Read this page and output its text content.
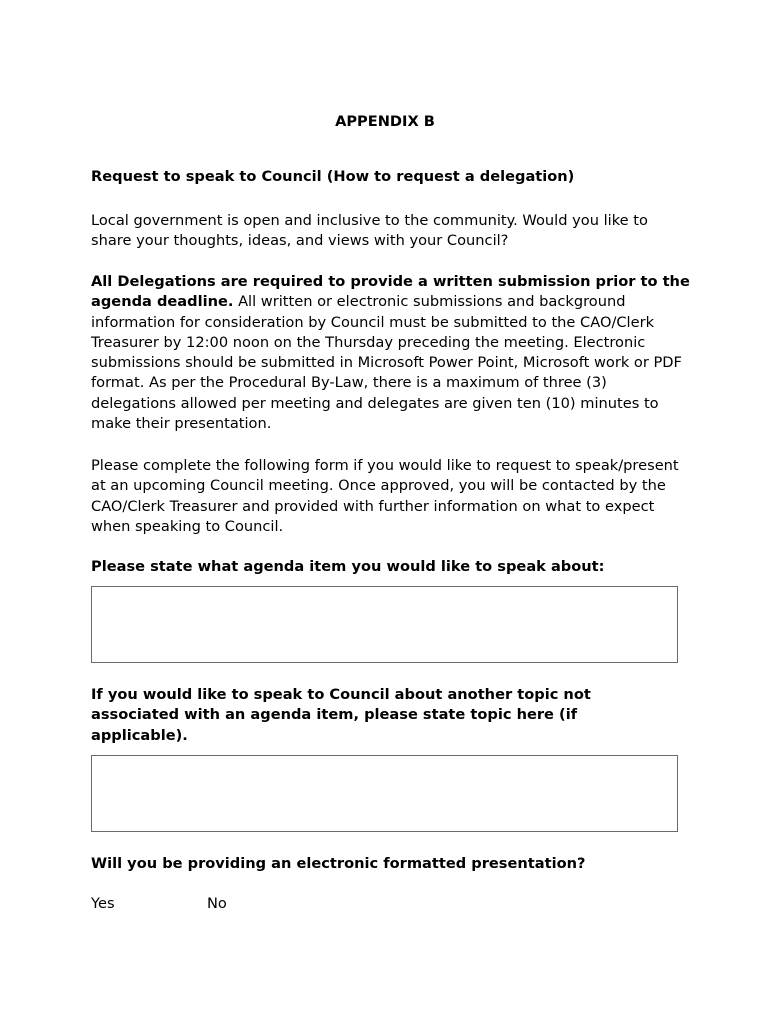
APPENDIX B
Request to speak to Council (How to request a delegation)
Local government is open and inclusive to the community. Would you like to share your thoughts, ideas, and views with your Council?
All Delegations are required to provide a written submission prior to the agenda deadline. All written or electronic submissions and background information for consideration by Council must be submitted to the CAO/Clerk Treasurer by 12:00 noon on the Thursday preceding the meeting. Electronic submissions should be submitted in Microsoft Power Point, Microsoft work or PDF format. As per the Procedural By-Law, there is a maximum of three (3) delegations allowed per meeting and delegates are given ten (10) minutes to make their presentation.
Please complete the following form if you would like to request to speak/present at an upcoming Council meeting. Once approved, you will be contacted by the CAO/Clerk Treasurer and provided with further information on what to expect when speaking to Council.
Please state what agenda item you would like to speak about:
If you would like to speak to Council about another topic not associated with an agenda item, please state topic here (if applicable).
Will you be providing an electronic formatted presentation?
Yes	No
